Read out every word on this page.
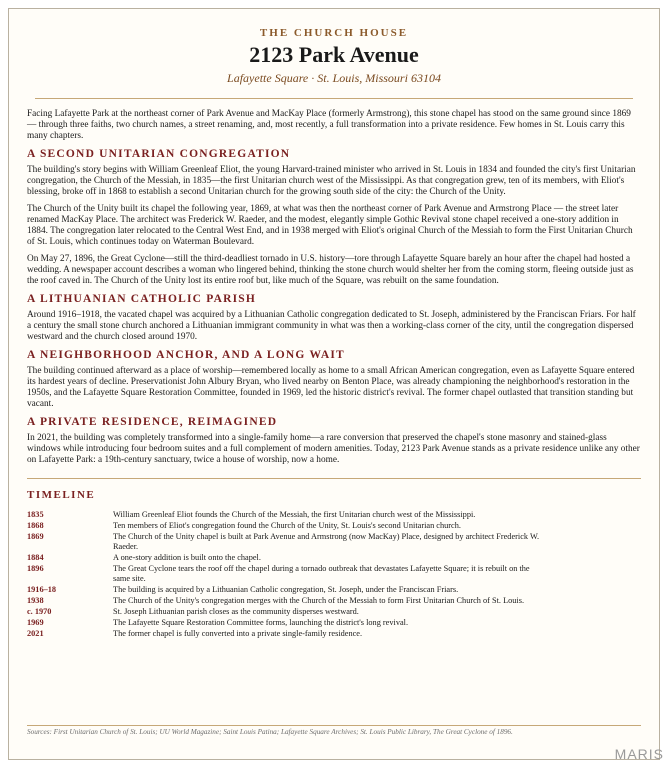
THE CHURCH HOUSE
2123 Park Avenue
Lafayette Square · St. Louis, Missouri 63104

Facing Lafayette Park at the northeast corner of Park Avenue and MacKay Place (formerly Armstrong), this stone chapel has stood on the same ground since 1869 — through three faiths, two church names, a street renaming, and, most recently, a full transformation into a private residence. Few homes in St. Louis carry this many chapters.

A SECOND UNITARIAN CONGREGATION

The building's story begins with William Greenleaf Eliot, the young Harvard-trained minister who arrived in St. Louis in 1834 and founded the city's first Unitarian congregation, the Church of the Messiah, in 1835—the first Unitarian church west of the Mississippi. As that congregation grew, ten of its members, with Eliot's blessing, broke off in 1868 to establish a second Unitarian church for the growing south side of the city: the Church of the Unity.

The Church of the Unity built its chapel the following year, 1869, at what was then the northeast corner of Park Avenue and Armstrong Place — the street later renamed MacKay Place. The architect was Frederick W. Raeder, and the modest, elegantly simple Gothic Revival stone chapel received a one-story addition in 1884. The congregation later relocated to the Central West End, and in 1938 merged with Eliot's original Church of the Messiah to form the First Unitarian Church of St. Louis, which continues today on Waterman Boulevard.

On May 27, 1896, the Great Cyclone—still the third-deadliest tornado in U.S. history—tore through Lafayette Square barely an hour after the chapel had hosted a wedding. A newspaper account describes a woman who lingered behind, thinking the stone church would shelter her from the coming storm, fleeing outside just as the roof caved in. The Church of the Unity lost its entire roof but, like much of the Square, was rebuilt on the same foundation.

A LITHUANIAN CATHOLIC PARISH

Around 1916–1918, the vacated chapel was acquired by a Lithuanian Catholic congregation dedicated to St. Joseph, administered by the Franciscan Friars. For half a century the small stone church anchored a Lithuanian immigrant community in what was then a working-class corner of the city, until the congregation dispersed westward and the church closed around 1970.

A NEIGHBORHOOD ANCHOR, AND A LONG WAIT

The building continued afterward as a place of worship—remembered locally as home to a small African American congregation, even as Lafayette Square entered its hardest years of decline. Preservationist John Albury Bryan, who lived nearby on Benton Place, was already championing the neighborhood's restoration in the 1950s, and the Lafayette Square Restoration Committee, founded in 1969, led the historic district's revival. The former chapel outlasted that transition standing but vacant.

A PRIVATE RESIDENCE, REIMAGINED

In 2021, the building was completely transformed into a single-family home—a rare conversion that preserved the chapel's stone masonry and stained-glass windows while introducing four bedroom suites and a full complement of modern amenities. Today, 2123 Park Avenue stands as a private residence unlike any other on Lafayette Park: a 19th-century sanctuary, twice a house of worship, now a home.

TIMELINE
1835	William Greenleaf Eliot founds the Church of the Messiah, the first Unitarian church west of the Mississippi.
1868	Ten members of Eliot's congregation found the Church of the Unity, St. Louis's second Unitarian church.
1869	The Church of the Unity chapel is built at Park Avenue and Armstrong (now MacKay) Place, designed by architect Frederick W. Raeder.
1884	A one-story addition is built onto the chapel.
1896	The Great Cyclone tears the roof off the chapel during a tornado outbreak that devastates Lafayette Square; it is rebuilt on the same site.
1916–18	The building is acquired by a Lithuanian Catholic congregation, St. Joseph, under the Franciscan Friars.
1938	The Church of the Unity's congregation merges with the Church of the Messiah to form First Unitarian Church of St. Louis.
c. 1970	St. Joseph Lithuanian parish closes as the community disperses westward.
1969	The Lafayette Square Restoration Committee forms, launching the district's long revival.
2021	The former chapel is fully converted into a private single-family residence.
Sources: First Unitarian Church of St. Louis; UU World Magazine; Saint Louis Patina; Lafayette Square Archives; St. Louis Public Library, The Great Cyclone of 1896.
MARIS
